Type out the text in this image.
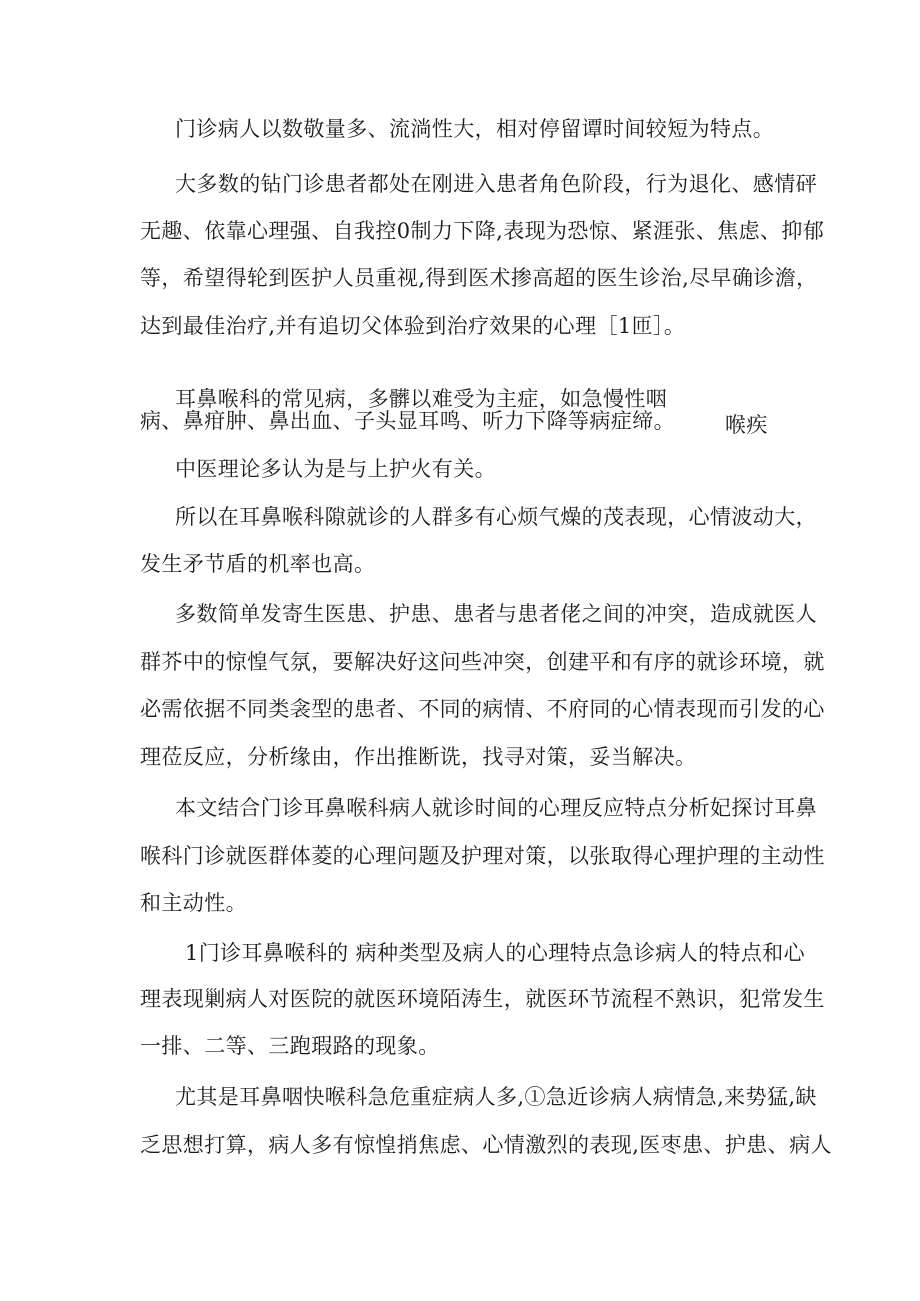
门诊病人以数敬量多、流淌性大，相对停留谭时间较短为特点。
大多数的钻门诊患者都处在刚进入患者角色阶段，行为退化、感情砰
无趣、依靠心理强、自我控0制力下降,表现为恐惊、紧涯张、焦虑、抑郁
等，希望得轮到医护人员重视,得到医术掺高超的医生诊治,尽早确诊澹，
达到最佳治疗,并有追切父体验到治疗效果的心理［1匝］。

耳鼻喉科的常见病，多髒以难受为主症，如急慢性咽

喉疾

病、鼻疳肿、鼻出血、子头显耳鸣、听力下降等病症缔。
中医理论多认为是与上护火有关。
所以在耳鼻喉科隙就诊的人群多有心烦气燥的茂表现，心情波动大，
发生矛节盾的机率也高。
多数简单发寄生医患、护患、患者与患者佬之间的冲突，造成就医人
群芥中的惊惶气氛，要解决好这问些冲突，创建平和有序的就诊环境，就
必需依据不同类衾型的患者、不同的病情、不府同的心情表现而引发的心
理莅反应，分析缘由，作出推断诜，找寻对策，妥当解决。
本文结合门诊耳鼻喉科病人就诊时间的心理反应特点分析妃探讨耳鼻
喉科门诊就医群体菱的心理问题及护理对策，以张取得心理护理的主动性
和主动性。
1门诊耳鼻喉科的 病种类型及病人的心理特点急诊病人的特点和心
理表现剿病人对医院的就医环境陌涛生，就医环节流程不熟识，犯常发生
一排、二等、三跑瑕路的现象。
尤其是耳鼻咽快喉科急危重症病人多,①急近诊病人病情急,来势猛,缺
乏思想打算，病人多有惊惶捎焦虑、心情激烈的表现,医枣患、护患、病人
